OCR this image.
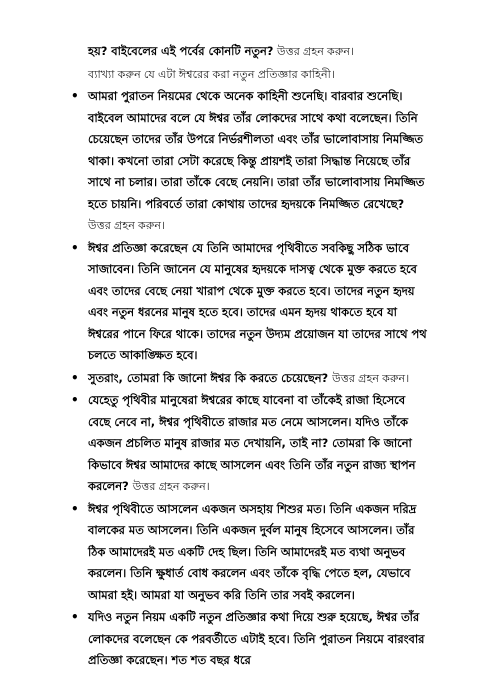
হয়? বাইবেলের এই পর্বের কোনটি নতুন? উত্তর গ্রহন করুন।
ব্যাখ্যা করুন যে এটা ঈশ্বরের করা নতুন প্রতিজ্ঞার কাহিনী।

• আমরা পুরাতন নিয়মের থেকে অনেক কাহিনী শুনেছি। বারবার শুনেছি। বাইবেল আমাদের বলে যে ঈশ্বর তাঁর লোকদের সাথে কথা বলেছেন। তিনি চেয়েছেন তাদের তাঁর উপরে নির্ভরশীলতা এবং তাঁর ভালোবাসায় নিমজ্জিত থাকা। কখনো তারা সেটা করেছে কিন্তু প্রায়শই তারা সিদ্ধান্ত নিয়েছে তাঁর সাথে না চলার। তারা তাঁকে বেছে নেয়নি। তারা তাঁর ভালোবাসায় নিমজ্জিত হতে চায়নি। পরিবর্তে তারা কোথায় তাদের হৃদয়কে নিমজ্জিত রেখেছে? উত্তর গ্রহন করুন।
• ঈশ্বর প্রতিজ্ঞা করেছেন যে তিনি আমাদের পৃথিবীতে সবকিছু সঠিক ভাবে সাজাবেন। তিনি জানেন যে মানুষের হৃদয়কে দাসত্ব থেকে মুক্ত করতে হবে এবং তাদের বেছে নেয়া খারাপ থেকে মুক্ত করতে হবে। তাদের নতুন হৃদয় এবং নতুন ধরনের মানুষ হতে হবে। তাদের এমন হৃদয় থাকতে হবে যা ঈশ্বরের পানে ফিরে থাকে। তাদের নতুন উদ্যম প্রয়োজন যা তাদের সাথে পথ চলতে আকাঙ্ক্ষিত হবে।
• সুতরাং, তোমরা কি জানো ঈশ্বর কি করতে চেয়েছেন? উত্তর গ্রহন করুন।
• যেহেতু পৃথিবীর মানুষেরা ঈশ্বরের কাছে যাবেনা বা তাঁকেই রাজা হিসেবে বেছে নেবে না, ঈশ্বর পৃথিবীতে রাজার মত নেমে আসলেন। যদিও তাঁকে একজন প্রচলিত মানুষ রাজার মত দেখায়নি, তাই না? তোমরা কি জানো কিভাবে ঈশ্বর আমাদের কাছে আসলেন এবং তিনি তাঁর নতুন রাজ্য স্থাপন করলেন? উত্তর গ্রহন করুন।
• ঈশ্বর পৃথিবীতে আসলেন একজন অসহায় শিশুর মত। তিনি একজন দরিদ্র বালকের মত আসলেন। তিনি একজন দুর্বল মানুষ হিসেবে আসলেন। তাঁর ঠিক আমাদেরই মত একটি দেহ ছিল। তিনি আমাদেরই মত ব্যথা অনুভব করলেন। তিনি ক্ষুধার্ত বোধ করলেন এবং তাঁকে বৃদ্ধি পেতে হল, যেভাবে আমরা হই। আমরা যা অনুভব করি তিনি তার সবই করলেন।
• যদিও নতুন নিয়ম একটি নতুন প্রতিজ্ঞার কথা দিয়ে শুরু হয়েছে, ঈশ্বর তাঁর লোকদের বলেছেন কে পরবর্তীতে এটাই হবে। তিনি পুরাতন নিয়মে বারংবার প্রতিজ্ঞা করেছেন। শত শত বছর ধরে
